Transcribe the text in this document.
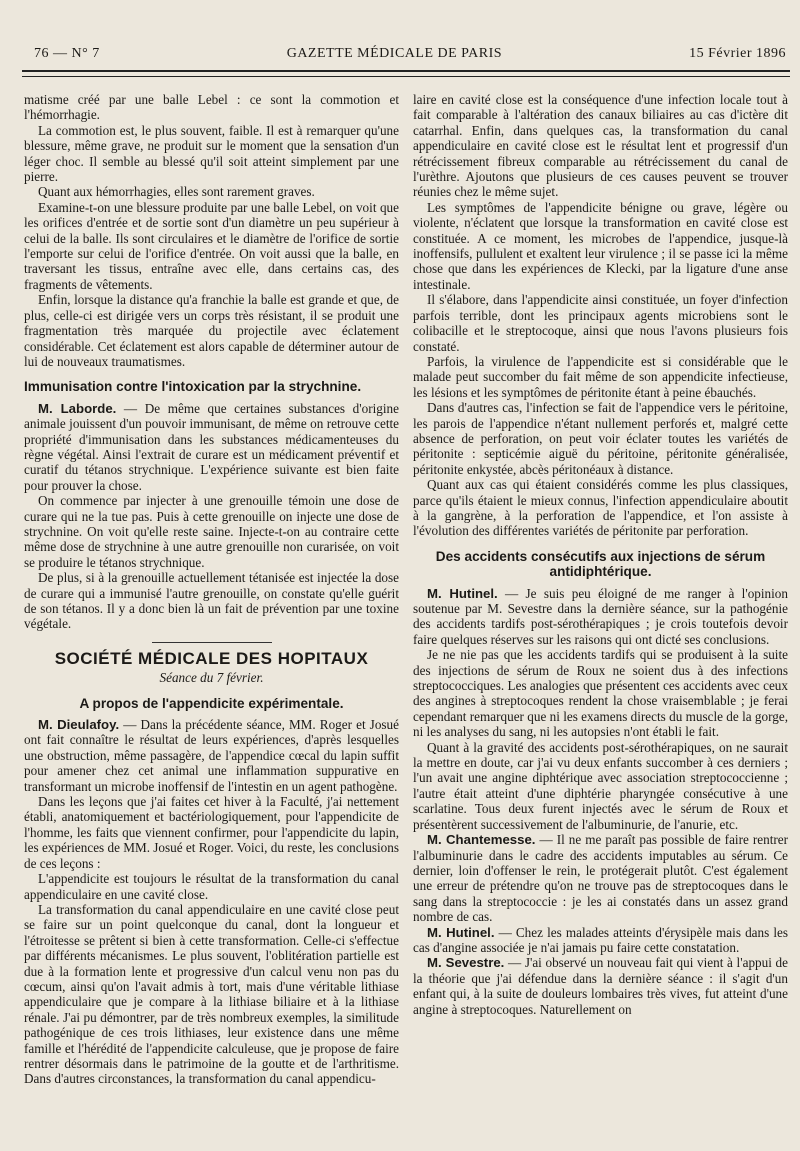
76 — N° 7	GAZETTE MÉDICALE DE PARIS	15 Février 1896

matisme créé par une balle Lebel : ce sont la commotion et l'hémorrhagie.

La commotion est, le plus souvent, faible. Il est à remarquer qu'une blessure, même grave, ne produit sur le moment que la sensation d'un léger choc. Il semble au blessé qu'il soit atteint simplement par une pierre.

Quant aux hémorrhagies, elles sont rarement graves.

Examine-t-on une blessure produite par une balle Lebel, on voit que les orifices d'entrée et de sortie sont d'un diamètre un peu supérieur à celui de la balle. Ils sont circulaires et le diamètre de l'orifice de sortie l'emporte sur celui de l'orifice d'entrée. On voit aussi que la balle, en traversant les tissus, entraîne avec elle, dans certains cas, des fragments de vêtements.

Enfin, lorsque la distance qu'a franchie la balle est grande et que, de plus, celle-ci est dirigée vers un corps très résistant, il se produit une fragmentation très marquée du projectile avec éclatement considérable. Cet éclatement est alors capable de déterminer autour de lui de nouveaux traumatismes.

Immunisation contre l'intoxication par la strychnine.

M. Laborde. — De même que certaines substances d'origine animale jouissent d'un pouvoir immunisant, de même on retrouve cette propriété d'immunisation dans les substances médicamenteuses du règne végétal. Ainsi l'extrait de curare est un médicament préventif et curatif du tétanos strychnique. L'expérience suivante est bien faite pour prouver la chose.

On commence par injecter à une grenouille témoin une dose de curare qui ne la tue pas. Puis à cette grenouille on injecte une dose de strychnine. On voit qu'elle reste saine. Injecte-t-on au contraire cette même dose de strychnine à une autre grenouille non curarisée, on voit se produire le tétanos strychnique.

De plus, si à la grenouille actuellement tétanisée est injectée la dose de curare qui a immunisé l'autre grenouille, on constate qu'elle guérit de son tétanos. Il y a donc bien là un fait de prévention par une toxine végétale.

SOCIÉTÉ MÉDICALE DES HOPITAUX
Séance du 7 février.
A propos de l'appendicite expérimentale.

M. Dieulafoy. — Dans la précédente séance, MM. Roger et Josué ont fait connaître le résultat de leurs expériences, d'après lesquelles une obstruction, même passagère, de l'appendice cœcal du lapin suffit pour amener chez cet animal une inflammation suppurative en transformant un microbe inoffensif de l'intestin en un agent pathogène.

Dans les leçons que j'ai faites cet hiver à la Faculté, j'ai nettement établi, anatomiquement et bactériologiquement, pour l'appendicite de l'homme, les faits que viennent confirmer, pour l'appendicite du lapin, les expériences de MM. Josué et Roger. Voici, du reste, les conclusions de ces leçons :

L'appendicite est toujours le résultat de la transformation du canal appendiculaire en une cavité close.

La transformation du canal appendiculaire en une cavité close peut se faire sur un point quelconque du canal, dont la longueur et l'étroitesse se prêtent si bien à cette transformation. Celle-ci s'effectue par différents mécanismes. Le plus souvent, l'oblitération partielle est due à la formation lente et progressive d'un calcul venu non pas du cœcum, ainsi qu'on l'avait admis à tort, mais d'une véritable lithiase appendiculaire que je compare à la lithiase biliaire et à la lithiase rénale. J'ai pu démontrer, par de très nombreux exemples, la similitude pathogénique de ces trois lithiases, leur existence dans une même famille et l'hérédité de l'appendicite calculeuse, que je propose de faire rentrer désormais dans le patrimoine de la goutte et de l'arthritisme. Dans d'autres circonstances, la transformation du canal appendicu-

laire en cavité close est la conséquence d'une infection locale tout à fait comparable à l'altération des canaux biliaires au cas d'ictère dit catarrhal. Enfin, dans quelques cas, la transformation du canal appendiculaire en cavité close est le résultat lent et progressif d'un rétrécissement fibreux comparable au rétrécissement du canal de l'urèthre. Ajoutons que plusieurs de ces causes peuvent se trouver réunies chez le même sujet.

Les symptômes de l'appendicite bénigne ou grave, légère ou violente, n'éclatent que lorsque la transformation en cavité close est constituée. A ce moment, les microbes de l'appendice, jusque-là inoffensifs, pullulent et exaltent leur virulence ; il se passe ici la même chose que dans les expériences de Klecki, par la ligature d'une anse intestinale.

Il s'élabore, dans l'appendicite ainsi constituée, un foyer d'infection parfois terrible, dont les principaux agents microbiens sont le colibacille et le streptocoque, ainsi que nous l'avons plusieurs fois constaté.

Parfois, la virulence de l'appendicite est si considérable que le malade peut succomber du fait même de son appendicite infectieuse, les lésions et les symptômes de péritonite étant à peine ébauchés.

Dans d'autres cas, l'infection se fait de l'appendice vers le péritoine, les parois de l'appendice n'étant nullement perforés et, malgré cette absence de perforation, on peut voir éclater toutes les variétés de péritonite : septicémie aiguë du péritoine, péritonite généralisée, péritonite enkystée, abcès péritonéaux à distance.

Quant aux cas qui étaient considérés comme les plus classiques, parce qu'ils étaient le mieux connus, l'infection appendiculaire aboutit à la gangrène, à la perforation de l'appendice, et l'on assiste à l'évolution des différentes variétés de péritonite par perforation.

Des accidents consécutifs aux injections de sérum antidiphtérique.

M. Hutinel. — Je suis peu éloigné de me ranger à l'opinion soutenue par M. Sevestre dans la dernière séance, sur la pathogénie des accidents tardifs post-sérothérapiques ; je crois toutefois devoir faire quelques réserves sur les raisons qui ont dicté ses conclusions.

Je ne nie pas que les accidents tardifs qui se produisent à la suite des injections de sérum de Roux ne soient dus à des infections streptococciques. Les analogies que présentent ces accidents avec ceux des angines à streptocoques rendent la chose vraisemblable ; je ferai cependant remarquer que ni les examens directs du muscle de la gorge, ni les analyses du sang, ni les autopsies n'ont établi le fait.

Quant à la gravité des accidents post-sérothérapiques, on ne saurait la mettre en doute, car j'ai vu deux enfants succomber à ces derniers ; l'un avait une angine diphtérique avec association streptococcienne ; l'autre était atteint d'une diphtérie pharyngée consécutive à une scarlatine. Tous deux furent injectés avec le sérum de Roux et présentèrent successivement de l'albuminurie, de l'anurie, etc.

M. Chantemesse. — Il ne me paraît pas possible de faire rentrer l'albuminurie dans le cadre des accidents imputables au sérum. Ce dernier, loin d'offenser le rein, le protégerait plutôt. C'est également une erreur de prétendre qu'on ne trouve pas de streptocoques dans le sang dans la streptococcie : je les ai constatés dans un assez grand nombre de cas.

M. Hutinel. — Chez les malades atteints d'érysipèle mais dans les cas d'angine associée je n'ai jamais pu faire cette constatation.

M. Sevestre. — J'ai observé un nouveau fait qui vient à l'appui de la théorie que j'ai défendue dans la dernière séance : il s'agit d'un enfant qui, à la suite de douleurs lombaires très vives, fut atteint d'une angine à streptocoques. Naturellement on
